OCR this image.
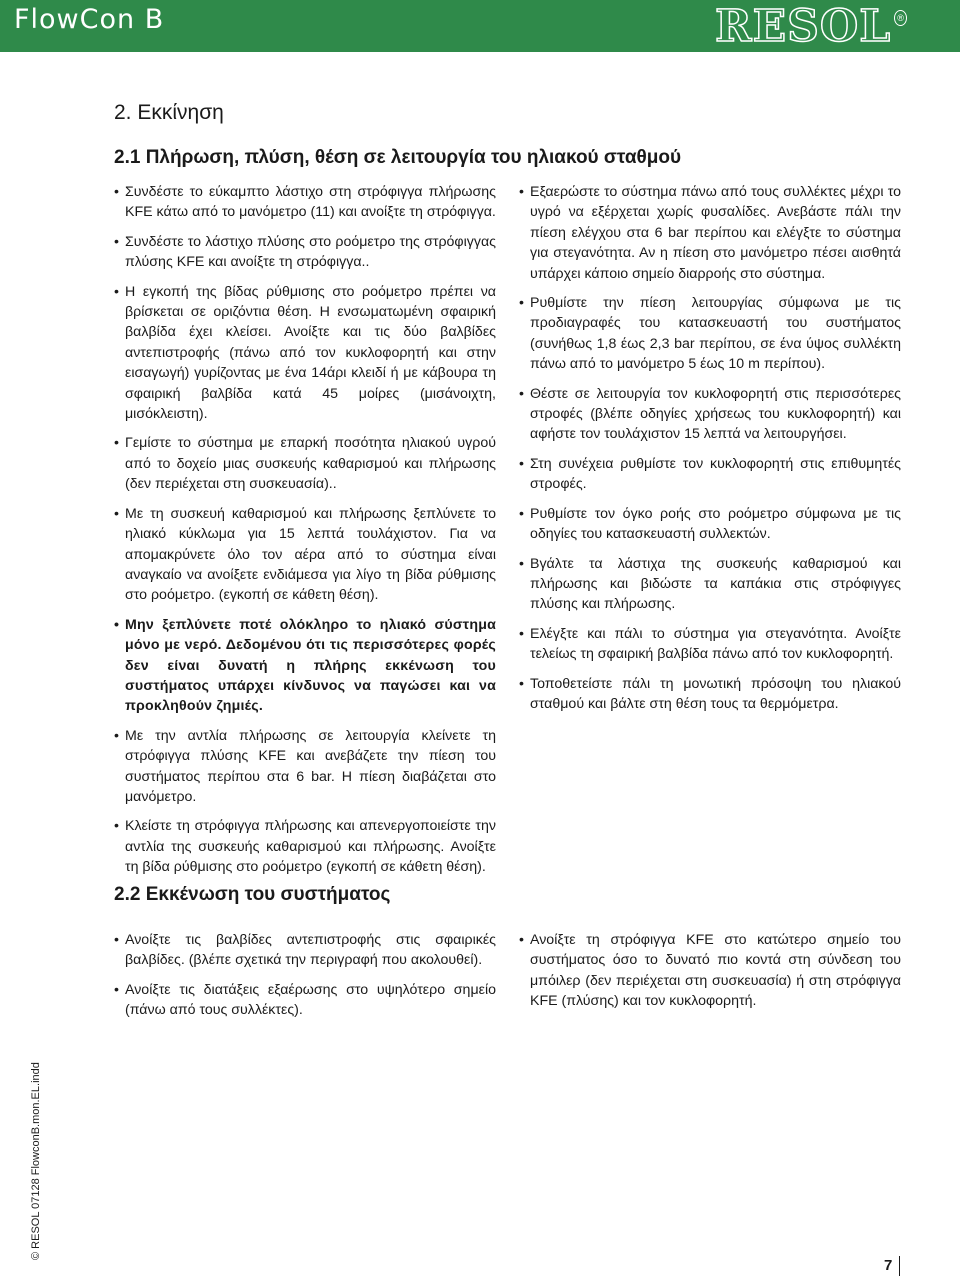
FlowCon B	RESOL ®
2. Εκκίνηση
2.1 Πλήρωση, πλύση, θέση σε λειτουργία του ηλιακού σταθμού
• Συνδέστε το εύκαμπτο λάστιχο στη στρόφιγγα πλήρωσης KFE κάτω από το μανόμετρο (11) και ανοίξτε τη στρόφιγγα.
• Συνδέστε το λάστιχο πλύσης στο ροόμετρο της στρόφιγγας πλύσης KFE και ανοίξτε τη στρόφιγγα..
• Η εγκοπή της βίδας ρύθμισης στο ροόμετρο πρέπει να βρίσκεται σε οριζόντια θέση. Η ενσωματωμένη σφαιρική βαλβίδα έχει κλείσει. Ανοίξτε και τις δύο βαλβίδες αντεπιστροφής (πάνω από τον κυκλοφορητή και στην εισαγωγή) γυρίζοντας με ένα 14άρι κλειδί ή με κάβουρα τη σφαιρική βαλβίδα κατά 45 μοίρες (μισάνοιχτη, μισόκλειστη).
• Γεμίστε το σύστημα με επαρκή ποσότητα ηλιακού υγρού από το δοχείο μιας συσκευής καθαρισμού και πλήρωσης (δεν περιέχεται στη συσκευασία)..
• Με τη συσκευή καθαρισμού και πλήρωσης ξεπλύνετε το ηλιακό κύκλωμα για 15 λεπτά τουλάχιστον. Για να απομακρύνετε όλο τον αέρα από το σύστημα είναι αναγκαίο να ανοίξετε ενδιάμεσα για λίγο τη βίδα ρύθμισης στο ροόμετρο. (εγκοπή σε κάθετη θέση).
• Μην ξεπλύνετε ποτέ ολόκληρο το ηλιακό σύστημα μόνο με νερό. Δεδομένου ότι τις περισσότερες φορές δεν είναι δυνατή η πλήρης εκκένωση του συστήματος υπάρχει κίνδυνος να παγώσει και να προκληθούν ζημιές.
• Με την αντλία πλήρωσης σε λειτουργία κλείνετε τη στρόφιγγα πλύσης KFE και ανεβάζετε την πίεση του συστήματος περίπου στα 6 bar. Η πίεση διαβάζεται στο μανόμετρο.
• Κλείστε τη στρόφιγγα πλήρωσης και απενεργοποιείστε την αντλία της συσκευής καθαρισμού και πλήρωσης. Ανοίξτε τη βίδα ρύθμισης στο ροόμετρο (εγκοπή σε κάθετη θέση).
• Εξαερώστε το σύστημα πάνω από τους συλλέκτες μέχρι το υγρό να εξέρχεται χωρίς φυσαλίδες. Ανεβάστε πάλι την πίεση ελέγχου στα 6 bar περίπου και ελέγξτε το σύστημα για στεγανότητα. Αν η πίεση στο μανόμετρο πέσει αισθητά υπάρχει κάποιο σημείο διαρροής στο σύστημα.
• Ρυθμίστε την πίεση λειτουργίας σύμφωνα με τις προδιαγραφές του κατασκευαστή του συστήματος (συνήθως 1,8 έως 2,3 bar περίπου, σε ένα ύψος συλλέκτη πάνω από το μανόμετρο 5 έως 10 m περίπου).
• Θέστε σε λειτουργία τον κυκλοφορητή στις περισσότερες στροφές (βλέπε οδηγίες χρήσεως του κυκλοφορητή) και αφήστε τον τουλάχιστον 15 λεπτά να λειτουργήσει.
• Στη συνέχεια ρυθμίστε τον κυκλοφορητή στις επιθυμητές στροφές.
• Ρυθμίστε τον όγκο ροής στο ροόμετρο σύμφωνα με τις οδηγίες του κατασκευαστή συλλεκτών.
• Βγάλτε τα λάστιχα της συσκευής καθαρισμού και πλήρωσης και βιδώστε τα καπάκια στις στρόφιγγες πλύσης και πλήρωσης.
• Ελέγξτε και πάλι το σύστημα για στεγανότητα. Ανοίξτε τελείως τη σφαιρική βαλβίδα πάνω από τον κυκλοφορητή.
• Τοποθετείστε πάλι τη μονωτική πρόσοψη του ηλιακού σταθμού και βάλτε στη θέση τους τα θερμόμετρα.
2.2 Εκκένωση του συστήματος
• Ανοίξτε τις βαλβίδες αντεπιστροφής στις σφαιρικές βαλβίδες. (βλέπε σχετικά την περιγραφή που ακολουθεί).
• Ανοίξτε τις διατάξεις εξαέρωσης στο υψηλότερο σημείο (πάνω από τους συλλέκτες).
• Ανοίξτε τη στρόφιγγα KFE στο κατώτερο σημείο του συστήματος όσο το δυνατό πιο κοντά στη σύνδεση του μπόιλερ (δεν περιέχεται στη συσκευασία) ή στη στρόφιγγα KFE (πλύσης) και τον κυκλοφορητή.
© RESOL 07128 FlowconB.mon.EL.indd
7
